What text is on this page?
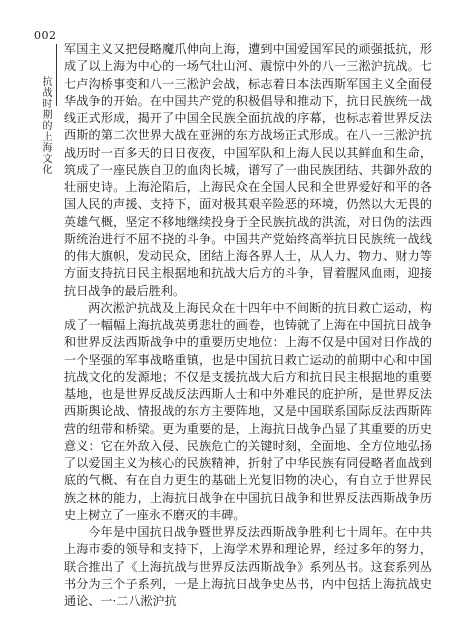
002
抗战时期的上海文化

军国主义又把侵略魔爪伸向上海，遭到中国爱国军民的顽强抵抗，形成了以上海为中心的一场气壮山河、震惊中外的八一三淞沪抗战。七七卢沟桥事变和八一三淞沪会战，标志着日本法西斯军国主义全面侵华战争的开始。在中国共产党的积极倡导和推动下，抗日民族统一战线正式形成，揭开了中国全民族全面抗战的序幕，也标志着世界反法西斯的第二次世界大战在亚洲的东方战场正式形成。在八一三淞沪抗战历时一百多天的日日夜夜，中国军队和上海人民以其鲜血和生命，筑成了一座民族自卫的血肉长城，谱写了一曲民族团结、共御外敌的壮丽史诗。上海沦陷后，上海民众在全国人民和全世界爱好和平的各国人民的声援、支持下，面对极其艰辛险恶的环境，仍然以大无畏的英雄气概，坚定不移地继续投身于全民族抗战的洪流，对日伪的法西斯统治进行不屈不挠的斗争。中国共产党始终高举抗日民族统一战线的伟大旗帜，发动民众，团结上海各界人士，从人力、物力、财力等方面支持抗日民主根据地和抗战大后方的斗争，冒着腥风血雨，迎接抗日战争的最后胜利。

两次淞沪抗战及上海民众在十四年中不间断的抗日救亡运动，构成了一幅幅上海抗战英勇悲壮的画卷，也铸就了上海在中国抗日战争和世界反法西斯战争中的重要历史地位：上海不仅是中国对日作战的一个坚强的军事战略重镇，也是中国抗日救亡运动的前期中心和中国抗战文化的发源地；不仅是支援抗战大后方和抗日民主根据地的重要基地，也是世界反战反法西斯人士和中外难民的庇护所，是世界反法西斯舆论战、情报战的东方主要阵地，又是中国联系国际反法西斯阵营的纽带和桥梁。更为重要的是，上海抗日战争凸显了其重要的历史意义：它在外敌入侵、民族危亡的关键时刻，全面地、全方位地弘扬了以爱国主义为核心的民族精神，折射了中华民族有同侵略者血战到底的气概、有在自力更生的基础上光复旧物的决心，有自立于世界民族之林的能力，上海抗日战争在中国抗日战争和世界反法西斯战争历史上树立了一座永不磨灭的丰碑。

今年是中国抗日战争暨世界反法西斯战争胜利七十周年。在中共上海市委的领导和支持下，上海学术界和理论界，经过多年的努力，联合推出了《上海抗战与世界反法西斯战争》系列丛书。这套系列丛书分为三个子系列，一是上海抗日战争史丛书，内中包括上海抗战史通论、一·二八淞沪抗
